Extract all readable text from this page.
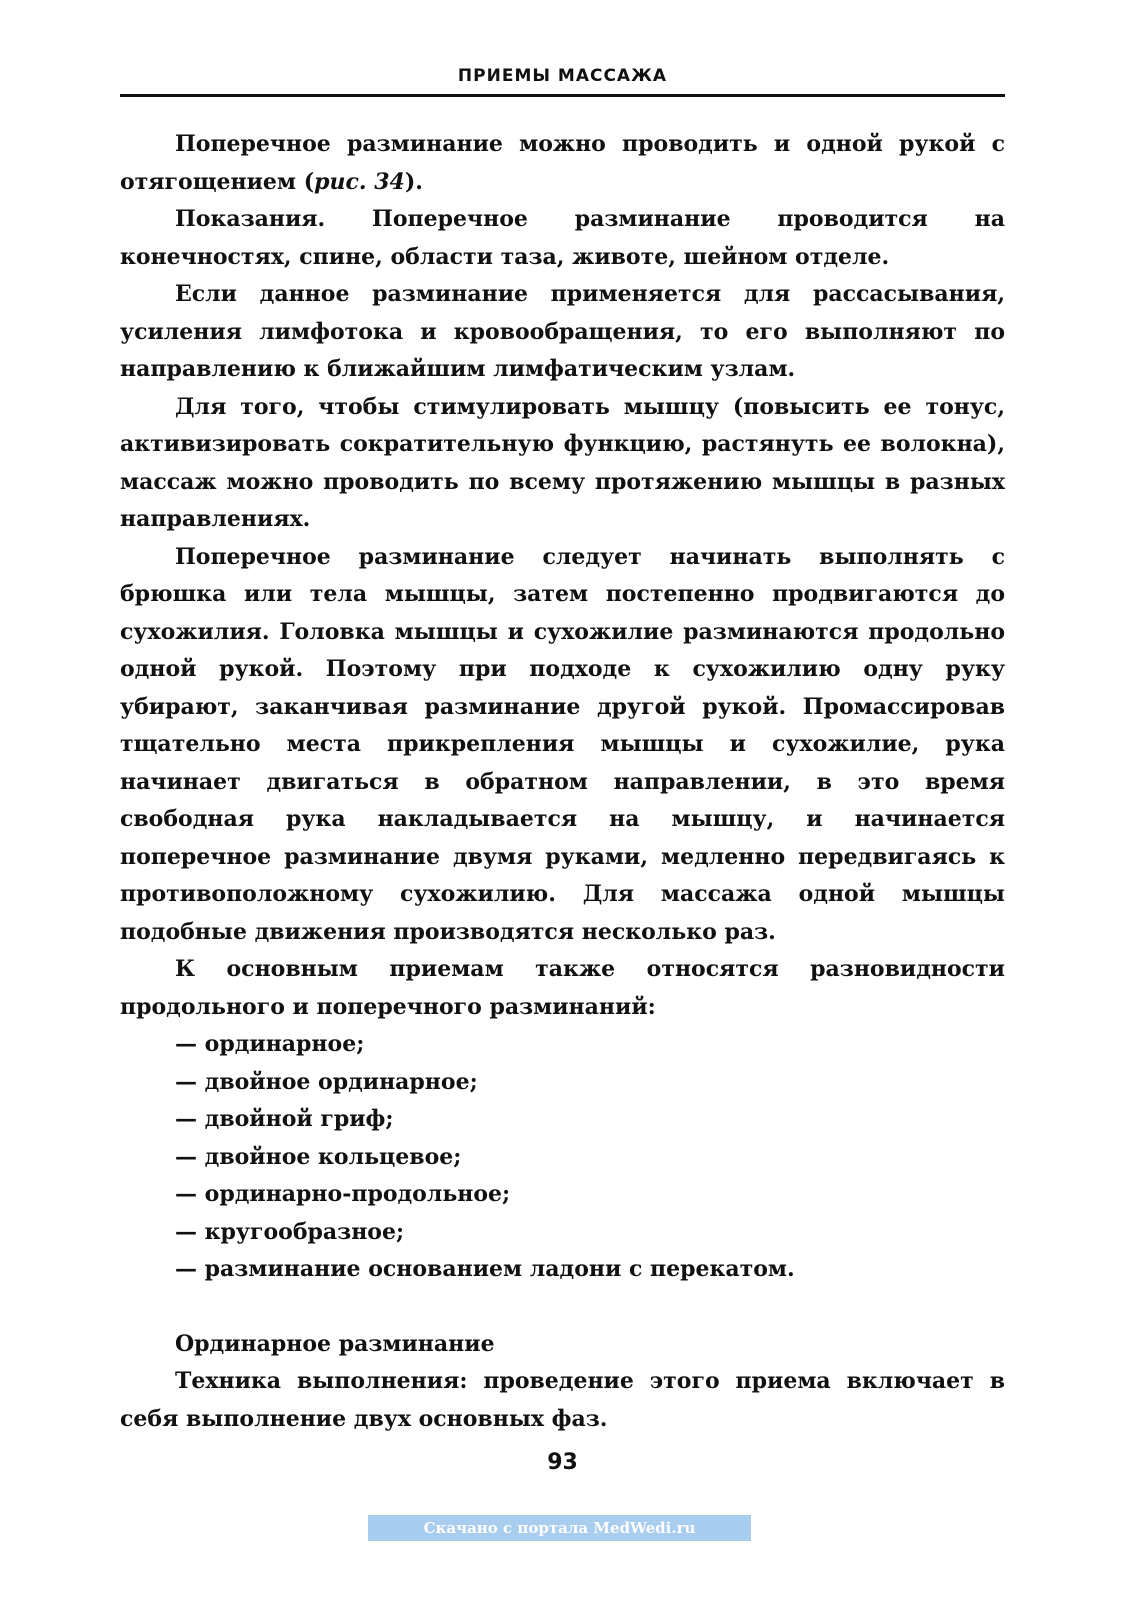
ПРИЕМЫ МАССАЖА

Поперечное разминание можно проводить и одной рукой с отягощением (рис. 34).

Показания. Поперечное разминание проводится на конечностях, спине, области таза, животе, шейном отделе.

Если данное разминание применяется для рассасывания, усиления лимфотока и кровообращения, то его выполняют по направлению к ближайшим лимфатическим узлам.

Для того, чтобы стимулировать мышцу (повысить ее тонус, активизировать сократительную функцию, растянуть ее волокна), массаж можно проводить по всему протяжению мышцы в разных направлениях.

Поперечное разминание следует начинать выполнять с брюшка или тела мышцы, затем постепенно продвигаются до сухожилия. Головка мышцы и сухожилие разминаются продольно одной рукой. Поэтому при подходе к сухожилию одну руку убирают, заканчивая разминание другой рукой. Промассировав тщательно места прикрепления мышцы и сухожилие, рука начинает двигаться в обратном направлении, в это время свободная рука накладывается на мышцу, и начинается поперечное разминание двумя руками, медленно передвигаясь к противоположному сухожилию. Для массажа одной мышцы подобные движения производятся несколько раз.

К основным приемам также относятся разновидности продольного и поперечного разминаний:

— ординарное;
— двойное ординарное;
— двойной гриф;
— двойное кольцевое;
— ординарно-продольное;
— кругообразное;
— разминание основанием ладони с перекатом.

Ординарное разминание

Техника выполнения: проведение этого приема включает в себя выполнение двух основных фаз.

93
Скачано с портала MedWedi.ru
